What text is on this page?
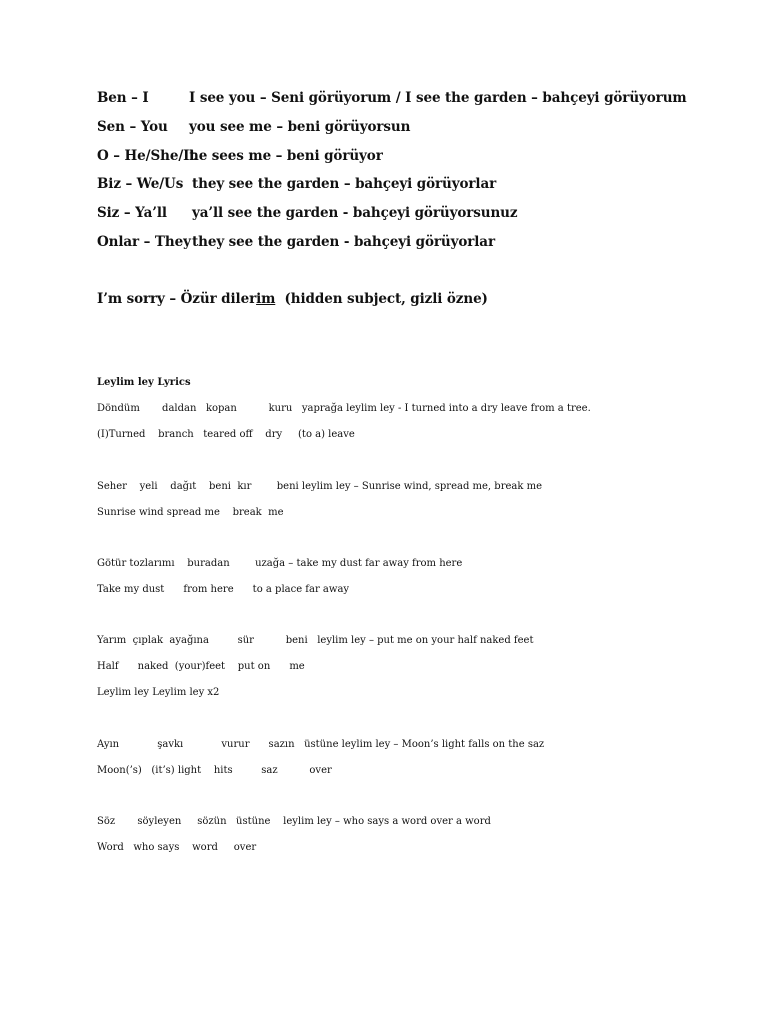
Ben – I	I see you – Seni görüyorum / I see the garden – bahçeyi görüyorum
Sen – You you see me – beni görüyorsun
O – He/She/It
he sees me – beni görüyor
Biz – We/Us they see the garden – bahçeyi görüyorlar
Siz – Ya’ll ya’ll see the garden - bahçeyi görüyorsunuz
Onlar – They they see the garden - bahçeyi görüyorlar
I’m sorry – Özür dilerim  (hidden subject, gizli özne)
Leylim ley Lyrics
Döndüm       daldan   kopan          kuru   yaprağa leylim ley - I turned into a dry leave from a tree.
(I)Turned    branch   teared off    dry     (to a) leave
Seher    yeli    dağıt    beni  kır        beni leylim ley – Sunrise wind, spread me, break me
Sunrise wind spread me    break  me
Götür tozlarımı    buradan        uzağa – take my dust far away from here
Take my dust      from here      to a place far away
Yarım  çıplak  ayağına         sür          beni   leylim ley – put me on your half naked feet
Half      naked  (your)feet    put on      me
Leylim ley Leylim ley x2
Ayın            şavkı            vurur      sazın   üstüne leylim ley – Moon’s light falls on the saz
Moon(’s)   (it’s) light    hits         saz          over
Söz       söyleyen     sözün   üstüne    leylim ley – who says a word over a word
Word   who says    word     over
